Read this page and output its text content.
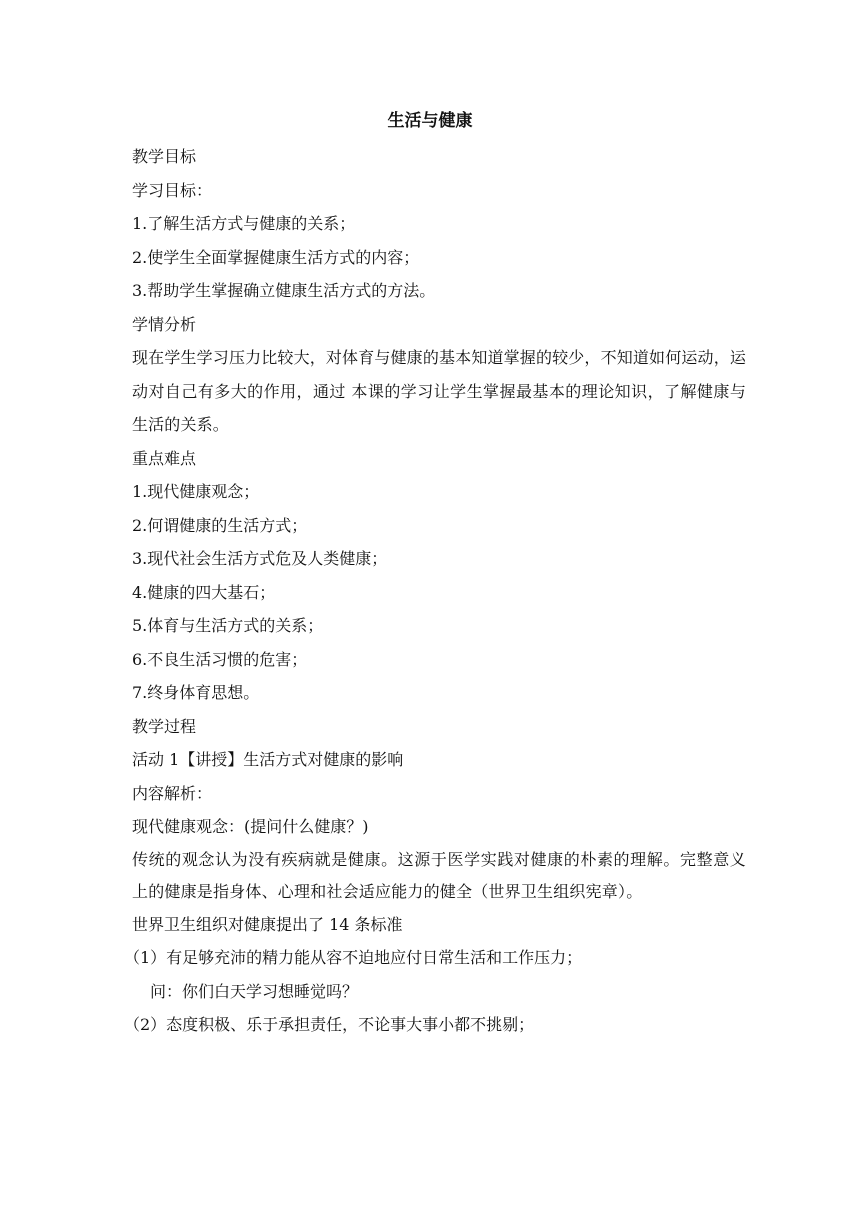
生活与健康

教学目标

学习目标：

1.了解生活方式与健康的关系；

2.使学生全面掌握健康生活方式的内容；

3.帮助学生掌握确立健康生活方式的方法。

学情分析

现在学生学习压力比较大，对体育与健康的基本知道掌握的较少，不知道如何运动，运动对自己有多大的作用，通过 本课的学习让学生掌握最基本的理论知识，了解健康与生活的关系。

重点难点

1.现代健康观念；

2.何谓健康的生活方式；

3.现代社会生活方式危及人类健康；

4.健康的四大基石；

5.体育与生活方式的关系；

6.不良生活习惯的危害；

7.终身体育思想。

教学过程

活动 1【讲授】生活方式对健康的影响

内容解析：

现代健康观念：(提问什么健康？)

传统的观念认为没有疾病就是健康。这源于医学实践对健康的朴素的理解。完整意义上的健康是指身体、心理和社会适应能力的健全（世界卫生组织宪章）。

世界卫生组织对健康提出了 14 条标准

（1）有足够充沛的精力能从容不迫地应付日常生活和工作压力；

问：你们白天学习想睡觉吗？

（2）态度积极、乐于承担责任，不论事大事小都不挑剔；
